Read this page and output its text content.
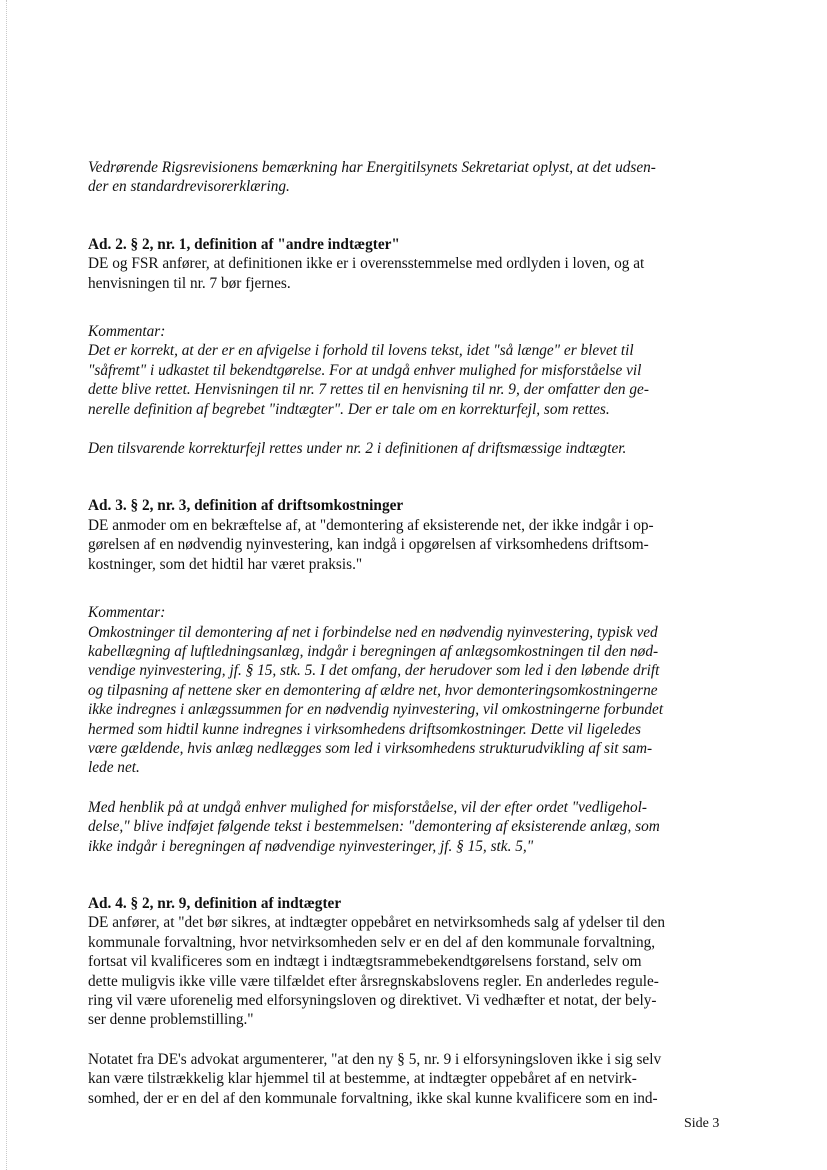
Vedrørende Rigsrevisionens bemærkning har Energitilsynets Sekretariat oplyst, at det udsen-
der en standardrevisorerklæring.
Ad. 2. § 2, nr. 1, definition af "andre indtægter"
DE og FSR anfører, at definitionen ikke er i overensstemmelse med ordlyden i loven, og at
henvisningen til nr. 7 bør fjernes.
Kommentar:
Det er korrekt, at der er en afvigelse i forhold til lovens tekst, idet "så længe" er blevet til
"såfremt" i udkastet til bekendtgørelse. For at undgå enhver mulighed for misforståelse vil
dette blive rettet. Henvisningen til nr. 7 rettes til en henvisning til nr. 9, der omfatter den ge-
nerelle definition af begrebet "indtægter". Der er tale om en korrekturfejl, som rettes.
Den tilsvarende korrekturfejl rettes under nr. 2 i definitionen af driftsmæssige indtægter.
Ad. 3. § 2, nr. 3, definition af driftsomkostninger
DE anmoder om en bekræftelse af, at "demontering af eksisterende net, der ikke indgår i op-
gørelsen af en nødvendig nyinvestering, kan indgå i opgørelsen af virksomhedens driftsom-
kostninger, som det hidtil har været praksis."
Kommentar:
Omkostninger til demontering af net i forbindelse ned en nødvendig nyinvestering, typisk ved
kabellægning af luftledningsanlæg, indgår i beregningen af anlægsomkostningen til den nød-
vendige nyinvestering, jf. § 15, stk. 5. I det omfang, der herudover som led i den løbende drift
og tilpasning af nettene sker en demontering af ældre net, hvor demonteringsomkostningerne
ikke indregnes i anlægssummen for en nødvendig nyinvestering, vil omkostningerne forbundet
hermed som hidtil kunne indregnes i virksomhedens driftsomkostninger. Dette vil ligeledes
være gældende, hvis anlæg nedlægges som led i virksomhedens strukturudvikling af sit sam-
lede net.
Med henblik på at undgå enhver mulighed for misforståelse, vil der efter ordet "vedligehol-
delse," blive indføjet følgende tekst i bestemmelsen: "demontering af eksisterende anlæg, som
ikke indgår i beregningen af nødvendige nyinvesteringer, jf. § 15, stk. 5,"
Ad. 4. § 2, nr. 9, definition af indtægter
DE anfører, at "det bør sikres, at indtægter oppebåret en netvirksomheds salg af ydelser til den
kommunale forvaltning, hvor netvirksomheden selv er en del af den kommunale forvaltning,
fortsat vil kvalificeres som en indtægt i indtægtsrammebekendtgørelsens forstand, selv om
dette muligvis ikke ville være tilfældet efter årsregnskabslovens regler. En anderledes regule-
ring vil være uforenelig med elforsyningsloven og direktivet. Vi vedhæfter et notat, der bely-
ser denne problemstilling."
Notatet fra DE's advokat argumenterer, "at den ny § 5, nr. 9 i elforsyningsloven ikke i sig selv
kan være tilstrækkelig klar hjemmel til at bestemme, at indtægter oppebåret af en netvirk-
somhed, der er en del af den kommunale forvaltning, ikke skal kunne kvalificere som en ind-
Side 3
